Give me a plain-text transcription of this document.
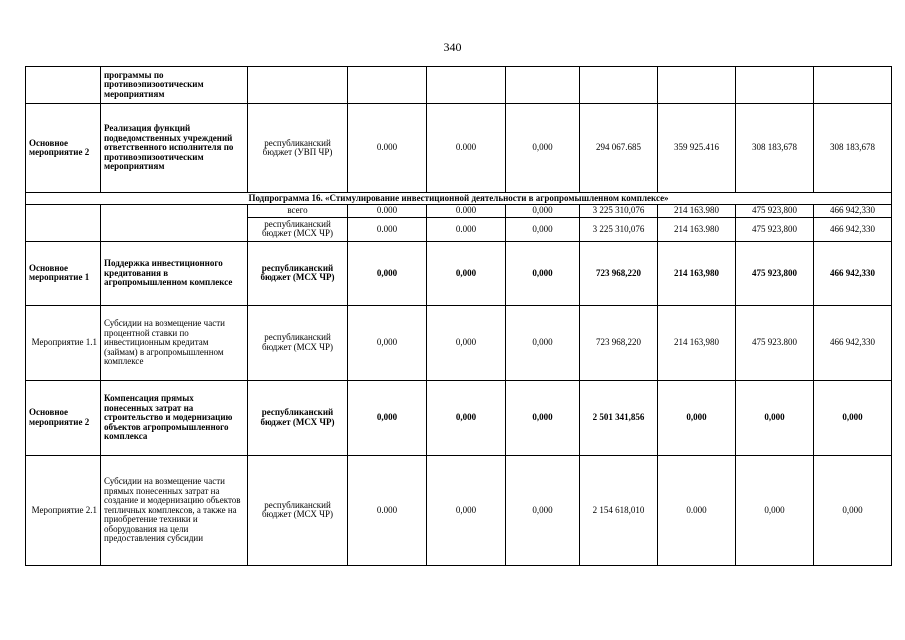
340
	программы по противоэпизоотическим мероприятиям								
Основное мероприятие 2	Реализация функций подведомственных учреждений ответственного исполнителя по противоэпизоотическим мероприятиям	республиканский бюджет (УВП ЧР)	0.000	0.000	0,000	294 067.685	359 925.416	308 183,678	308 183,678
Подпрограмма 16. «Стимулирование инвестиционной деятельности в агропромышленном комплексе»									
		всего	0.000	0.000	0,000	3 225 310,076	214 163.980	475 923,800	466 942,330
		республиканский бюджет (МСХ ЧР)	0.000	0.000	0,000	3 225 310,076	214 163.980	475 923,800	466 942,330
Основное мероприятие 1	Поддержка инвестиционного кредитования в агропромышленном комплексе	республиканский бюджет (МСХ ЧР)	0,000	0,000	0,000	723 968,220	214 163,980	475 923,800	466 942,330
Мероприятие 1.1	Субсидии на возмещение части процентной ставки по инвестиционным кредитам (займам) в агропромышленном комплексе	республиканский бюджет (МСХ ЧР)	0,000	0,000	0,000	723 968,220	214 163,980	475 923.800	466 942,330
Основное мероприятие 2	Компенсация прямых понесенных затрат на строительство и модернизацию объектов агропромышленного комплекса	республиканский бюджет (МСХ ЧР)	0,000	0,000	0,000	2 501 341,856	0,000	0,000	0,000
Мероприятие 2.1	Субсидии на возмещение части прямых понесенных затрат на создание и модернизацию объектов тепличных комплексов, а также на приобретение техники и оборудования на цели предоставления субсидии	республиканский бюджет (МСХ ЧР)	0.000	0,000	0,000	2 154 618,010	0.000	0,000	0,000
